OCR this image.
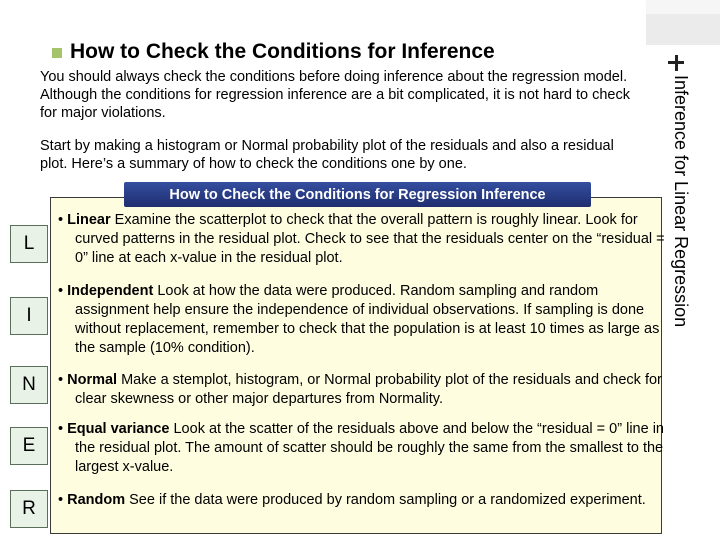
How to Check the Conditions for Inference
Inference for Linear Regression
You should always check the conditions before doing inference about the regression model. Although the conditions for regression inference are a bit complicated, it is not hard to check for major violations.
Start by making a histogram or Normal probability plot of the residuals and also a residual plot. Here’s a summary of how to check the conditions one by one.
How to Check the Conditions for Regression Inference
L
• Linear Examine the scatterplot to check that the overall pattern is roughly linear. Look for curved patterns in the residual plot. Check to see that the residuals center on the “residual = 0” line at each x-value in the residual plot.
I
• Independent Look at how the data were produced. Random sampling and random assignment help ensure the independence of individual observations. If sampling is done without replacement, remember to check that the population is at least 10 times as large as the sample (10% condition).
N • Normal Make a stemplot, histogram, or Normal probability plot of the residuals and check for clear skewness or other major departures from Normality.
E
• Equal variance Look at the scatter of the residuals above and below the “residual = 0” line in the residual plot. The amount of scatter should be roughly the same from the smallest to the largest x-value.
R • Random See if the data were produced by random sampling or a randomized experiment.
